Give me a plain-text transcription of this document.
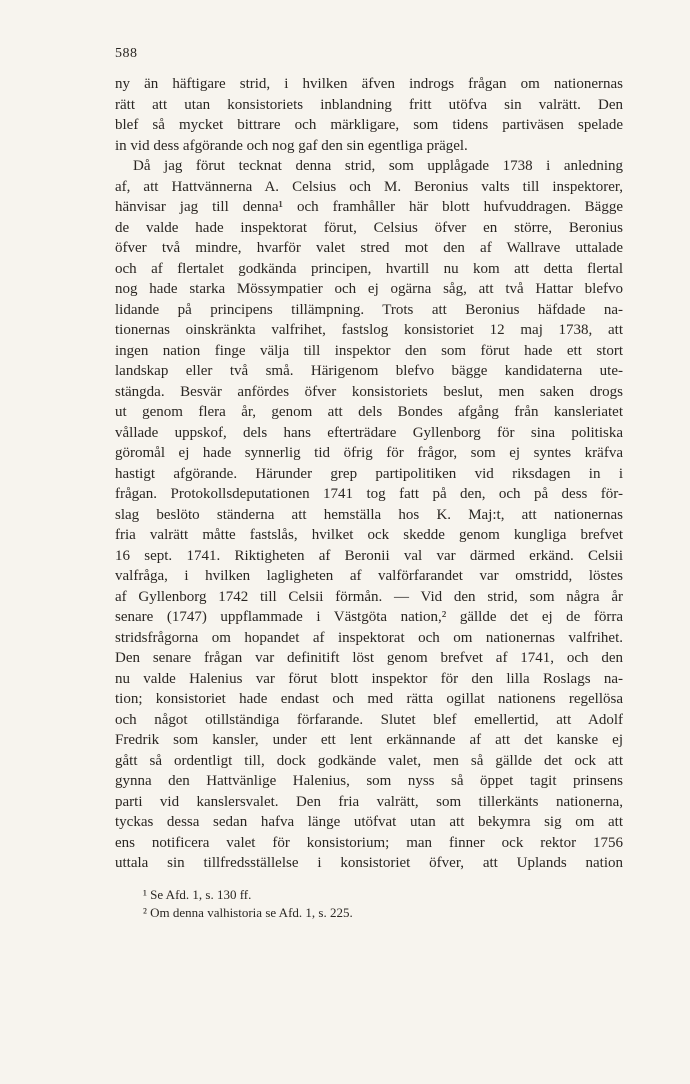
588
ny än häftigare strid, i hvilken äfven indrogs frågan om nationernas
rätt att utan konsistoriets inblandning fritt utöfva sin valrätt. Den
blef så mycket bittrare och märkligare, som tidens partiväsen spelade
in vid dess afgörande och nog gaf den sin egentliga prägel.
Då jag förut tecknat denna strid, som upplågade 1738 i anledning
af, att Hattvännerna A. Celsius och M. Beronius valts till inspektorer,
hänvisar jag till denna¹ och framhåller här blott hufvuddragen. Bägge
de valde hade inspektorat förut, Celsius öfver en större, Beronius
öfver två mindre, hvarför valet stred mot den af Wallrave uttalade
och af flertalet godkända principen, hvartill nu kom att detta flertal
nog hade starka Mössympatier och ej ogärna såg, att två Hattar blefvo
lidande på principens tillämpning. Trots att Beronius häfdade na-
tionernas oinskränkta valfrihet, fastslog konsistoriet 12 maj 1738, att
ingen nation finge välja till inspektor den som förut hade ett stort
landskap eller två små. Härigenom blefvo bägge kandidaterna ute-
stängda. Besvär anfördes öfver konsistoriets beslut, men saken drogs
ut genom flera år, genom att dels Bondes afgång från kansleriatet
vållade uppskof, dels hans efterträdare Gyllenborg för sina politiska
göromål ej hade synnerlig tid öfrig för frågor, som ej syntes kräfva
hastigt afgörande. Härunder grep partipolitiken vid riksdagen in i
frågan. Protokollsdeputationen 1741 tog fatt på den, och på dess för-
slag beslöto ständerna att hemställa hos K. Maj:t, att nationernas
fria valrätt måtte fastslås, hvilket ock skedde genom kungliga brefvet
16 sept. 1741. Riktigheten af Beronii val var därmed erkänd. Celsii
valfråga, i hvilken lagligheten af valförfarandet var omstridd, löstes
af Gyllenborg 1742 till Celsii förmån. — Vid den strid, som några år
senare (1747) uppflammade i Västgöta nation,² gällde det ej de förra
stridsfrågorna om hopandet af inspektorat och om nationernas valfrihet.
Den senare frågan var definitift löst genom brefvet af 1741, och den
nu valde Halenius var förut blott inspektor för den lilla Roslags na-
tion; konsistoriet hade endast och med rätta ogillat nationens regellösa
och något otillständiga förfarande. Slutet blef emellertid, att Adolf
Fredrik som kansler, under ett lent erkännande af att det kanske ej
gått så ordentligt till, dock godkände valet, men så gällde det ock att
gynna den Hattvänlige Halenius, som nyss så öppet tagit prinsens
parti vid kanslersvalet. Den fria valrätt, som tillerkänts nationerna,
tyckas dessa sedan hafva länge utöfvat utan att bekymra sig om att
ens notificera valet för konsistorium; man finner ock rektor 1756
uttala sin tillfredsställelse i konsistoriet öfver, att Uplands nation
¹ Se Afd. 1, s. 130 ff.
² Om denna valhistoria se Afd. 1, s. 225.
